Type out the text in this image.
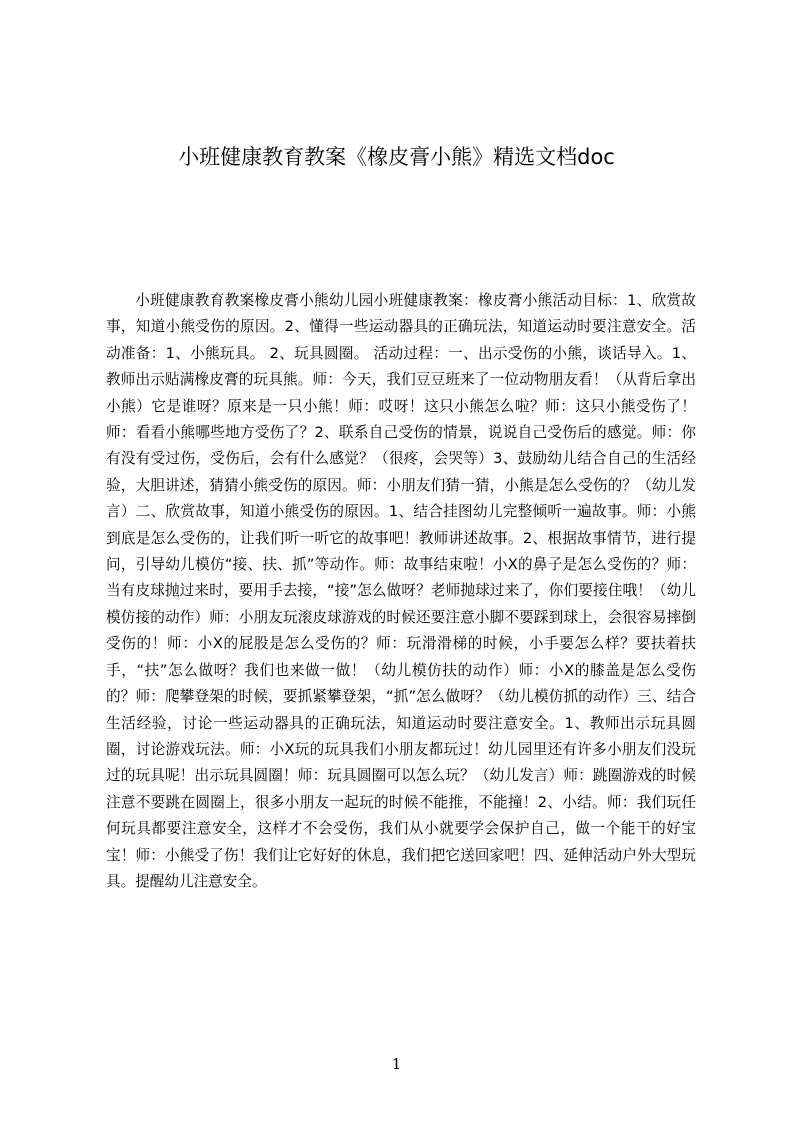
小班健康教育教案《橡皮膏小熊》精选文档doc

小班健康教育教案橡皮膏小熊幼儿园小班健康教案：橡皮膏小熊活动目标：1、欣赏故事，知道小熊受伤的原因。2、懂得一些运动器具的正确玩法，知道运动时要注意安全。活动准备：1、小熊玩具。 2、玩具圆圈。 活动过程：一、出示受伤的小熊，谈话导入。1、教师出示贴满橡皮膏的玩具熊。师：今天，我们豆豆班来了一位动物朋友看！（从背后拿出小熊）它是谁呀？原来是一只小熊！师：哎呀！这只小熊怎么啦？师：这只小熊受伤了！师：看看小熊哪些地方受伤了？2、联系自己受伤的情景，说说自己受伤后的感觉。师：你有没有受过伤，受伤后，会有什么感觉？（很疼，会哭等）3、鼓励幼儿结合自己的生活经验，大胆讲述，猜猜小熊受伤的原因。师：小朋友们猜一猜，小熊是怎么受伤的？（幼儿发言）二、欣赏故事，知道小熊受伤的原因。1、结合挂图幼儿完整倾听一遍故事。师：小熊到底是怎么受伤的，让我们听一听它的故事吧！教师讲述故事。2、根据故事情节，进行提问，引导幼儿模仿“接、扶、抓”等动作。师：故事结束啦！小X的鼻子是怎么受伤的？师：当有皮球抛过来时，要用手去接，“接”怎么做呀？老师抛球过来了，你们要接住哦！（幼儿模仿接的动作）师：小朋友玩滚皮球游戏的时候还要注意小脚不要踩到球上，会很容易摔倒受伤的！师：小X的屁股是怎么受伤的？师：玩滑滑梯的时候，小手要怎么样？要扶着扶手，“扶”怎么做呀？我们也来做一做！（幼儿模仿扶的动作）师：小X的膝盖是怎么受伤的？师：爬攀登架的时候，要抓紧攀登架，“抓”怎么做呀？（幼儿模仿抓的动作）三、结合生活经验，讨论一些运动器具的正确玩法，知道运动时要注意安全。1、教师出示玩具圆圈，讨论游戏玩法。师：小X玩的玩具我们小朋友都玩过！幼儿园里还有许多小朋友们没玩过的玩具呢！出示玩具圆圈！师：玩具圆圈可以怎么玩？（幼儿发言）师：跳圈游戏的时候注意不要跳在圆圈上，很多小朋友一起玩的时候不能推，不能撞！2、小结。师：我们玩任何玩具都要注意安全，这样才不会受伤，我们从小就要学会保护自己，做一个能干的好宝宝！师：小熊受了伤！我们让它好好的休息，我们把它送回家吧！四、延伸活动户外大型玩具。提醒幼儿注意安全。

1
